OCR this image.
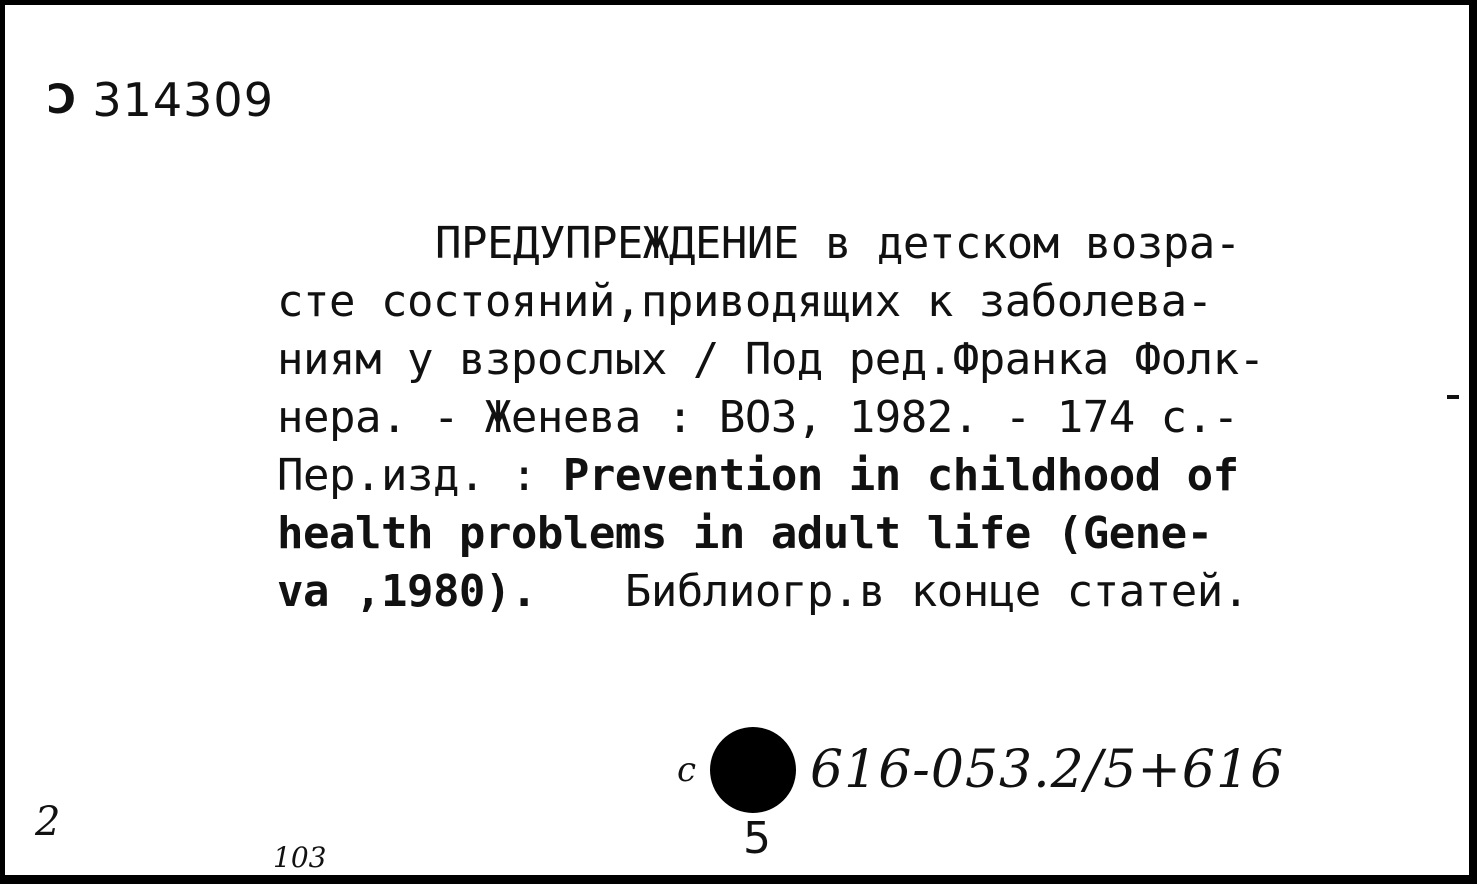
Ɔ 314309
ПРЕДУПРЕЖДЕНИЕ в детском возра-
сте состояний,приводящих к заболева-
ниям у взрослых / Под ред.Франка Фолк-
нера. - Женева : ВОЗ, 1982. - 174 с.-
Пер.изд. : Prevention in childhood of
health problems in adult life (Gene-
va ,1980). Библиогр.в конце статей.
с 616-053.2/5+616
5
2
103
